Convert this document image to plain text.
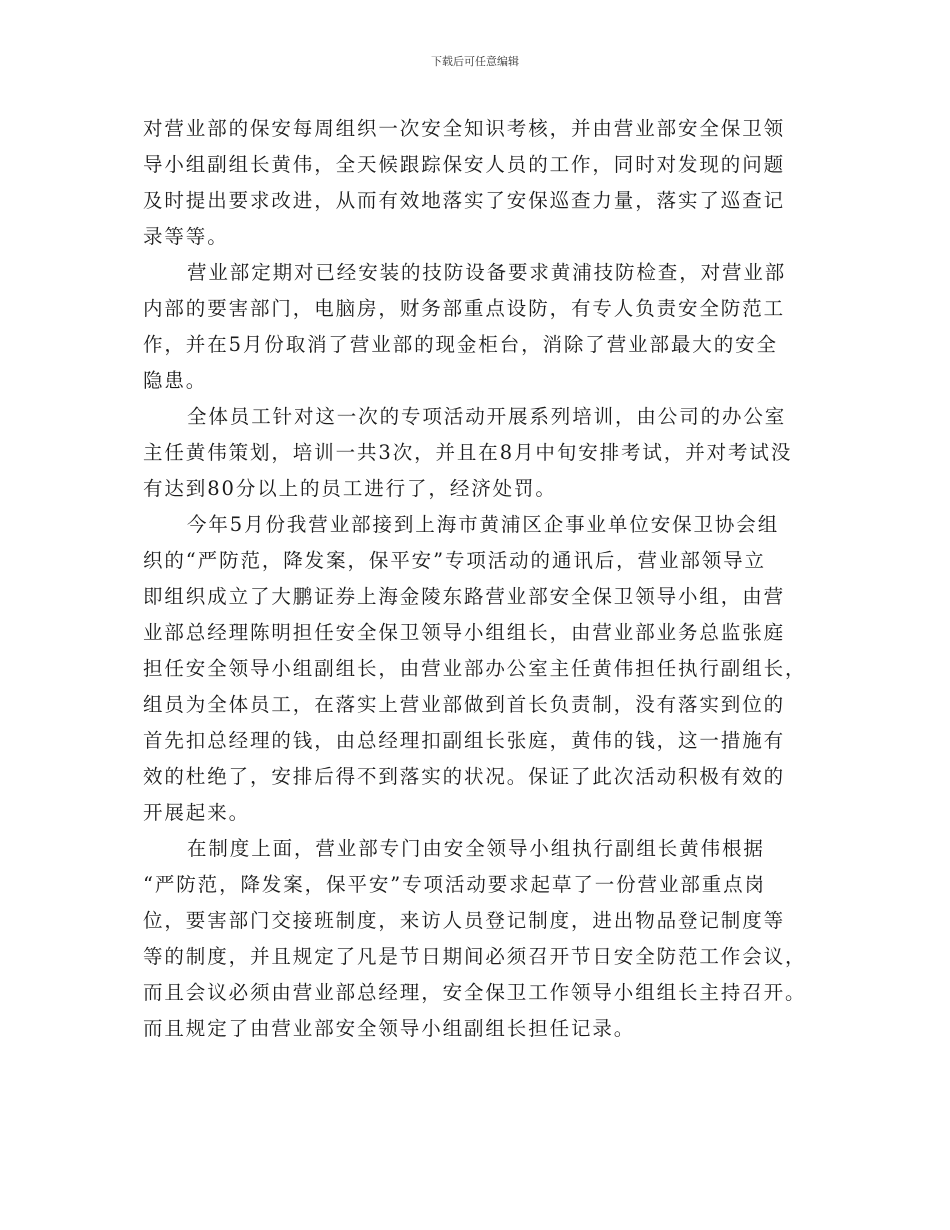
下载后可任意编辑
对营业部的保安每周组织一次安全知识考核，并由营业部安全保卫领
导小组副组长黄伟，全天候跟踪保安人员的工作，同时对发现的问题
及时提出要求改进，从而有效地落实了安保巡查力量，落实了巡查记
录等等。
营业部定期对已经安装的技防设备要求黄浦技防检查，对营业部
内部的要害部门，电脑房，财务部重点设防，有专人负责安全防范工
作，并在5月份取消了营业部的现金柜台，消除了营业部最大的安全
隐患。
全体员工针对这一次的专项活动开展系列培训，由公司的办公室
主任黄伟策划，培训一共3次，并且在8月中旬安排考试，并对考试没
有达到80分以上的员工进行了，经济处罚。
今年5月份我营业部接到上海市黄浦区企事业单位安保卫协会组
织的“严防范，降发案，保平安”专项活动的通讯后，营业部领导立
即组织成立了大鹏证券上海金陵东路营业部安全保卫领导小组，由营
业部总经理陈明担任安全保卫领导小组组长，由营业部业务总监张庭
担任安全领导小组副组长，由营业部办公室主任黄伟担任执行副组长，
组员为全体员工，在落实上营业部做到首长负责制，没有落实到位的
首先扣总经理的钱，由总经理扣副组长张庭，黄伟的钱，这一措施有
效的杜绝了，安排后得不到落实的状况。保证了此次活动积极有效的
开展起来。
在制度上面，营业部专门由安全领导小组执行副组长黄伟根据
“严防范，降发案，保平安”专项活动要求起草了一份营业部重点岗
位，要害部门交接班制度，来访人员登记制度，进出物品登记制度等
等的制度，并且规定了凡是节日期间必须召开节日安全防范工作会议，
而且会议必须由营业部总经理，安全保卫工作领导小组组长主持召开。
而且规定了由营业部安全领导小组副组长担任记录。
